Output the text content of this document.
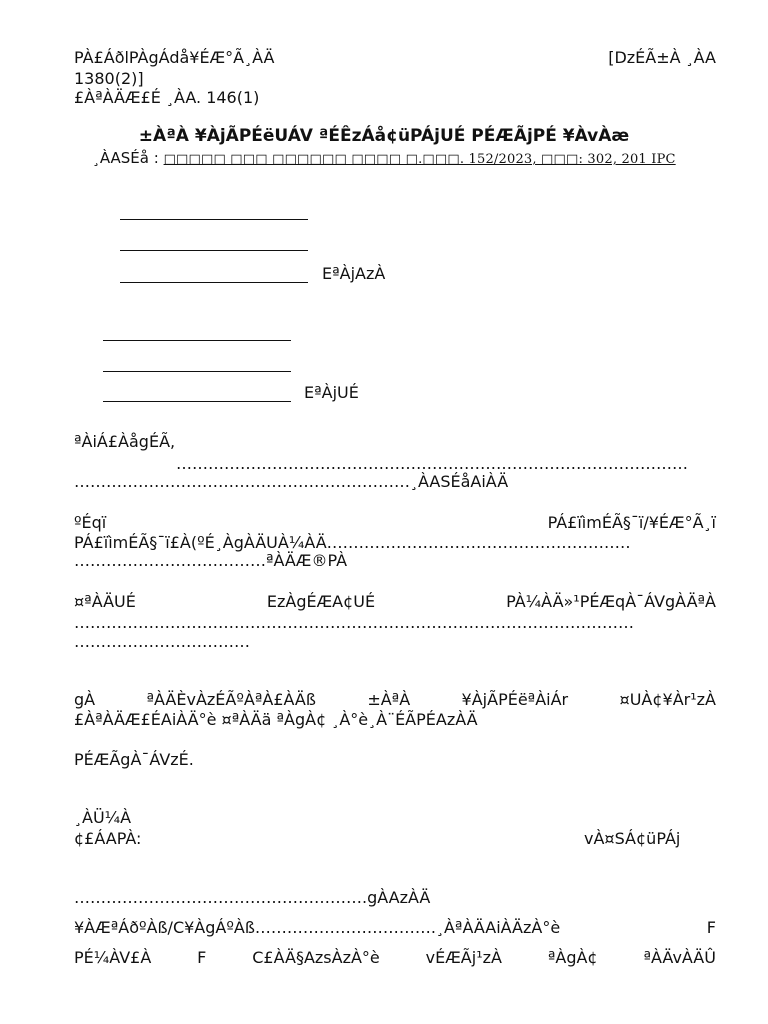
PÀ£ÁðlPÀgÁdå¥ÉÆ°Ã¸ÀÄ	[DzÉÃ±À ¸ÀA
1380(2)]
£ÀªÀÄÆ£É ¸ÀA. 146(1)
±ÀªÀ ¥ÀjÃPÉëUÁV ªÉÊzÁå¢üPÁjUÉ PÉÆÃjPÉ ¥ÀvÀæ
¸ÀASÉå : □□□□□ □□□ □□□□□□ □□□□ □.□□□. 152/2023, □□□: 302, 201 IPC
EªÀjAzÀ
EªÀjUÉ
ªÀiÁ£ÀågÉÃ,
……………………………………………………………………………………
………………………………………………………¸ÀASÉåAiÀÄ
ºÉqï	PÁ£ïìmÉÃ§¯ï/¥ÉÆ°Ã¸ï
PÁ£ïìmÉÃ§¯ï£À(ºÉ¸ÀgÀÄUÀ¼ÀÄ…………………………………………………
………………………………ªÀÄÆ®PÀ
¤ªÀÄUÉ	EzÀgÉÆA¢UÉ	PÀ¼ÀÄ»¹PÉÆqÀ¯ÁVgÀÄªÀ
……………………………………………………………………………………………
……………………………
gÀ	ªÀÄÈvÀzÉÃºÀªÀ£ÀÄß	±ÀªÀ	¥ÀjÃPÉëªÀiÁr	¤UÀ¢¥Àr¹zÀ
£ÀªÀÄÆ£ÉAiÀÄ°è ¤ªÀÄä ªÀgÀ¢ ¸À°è¸À¨ÉÃPÉAzÀÄ
PÉÆÃgÀ¯ÁVzÉ.
¸ÀÜ¼À
¢£ÁAPÀ:	vÀ¤SÁ¢üPÁj
……………………………………………….gÀAzÀÄ
¥ÀÆªÁðºÀß/C¥ÀgÁºÀß…………………………….¸ÀªÀÄAiÀÄzÀ°è	F
PÉ¼ÀV£À	F	C£ÀÄ§AzsÀzÀ°è	vÉÆÃj¹zÀ	ªÀgÀ¢	ªÀÄvÀÄÛ
